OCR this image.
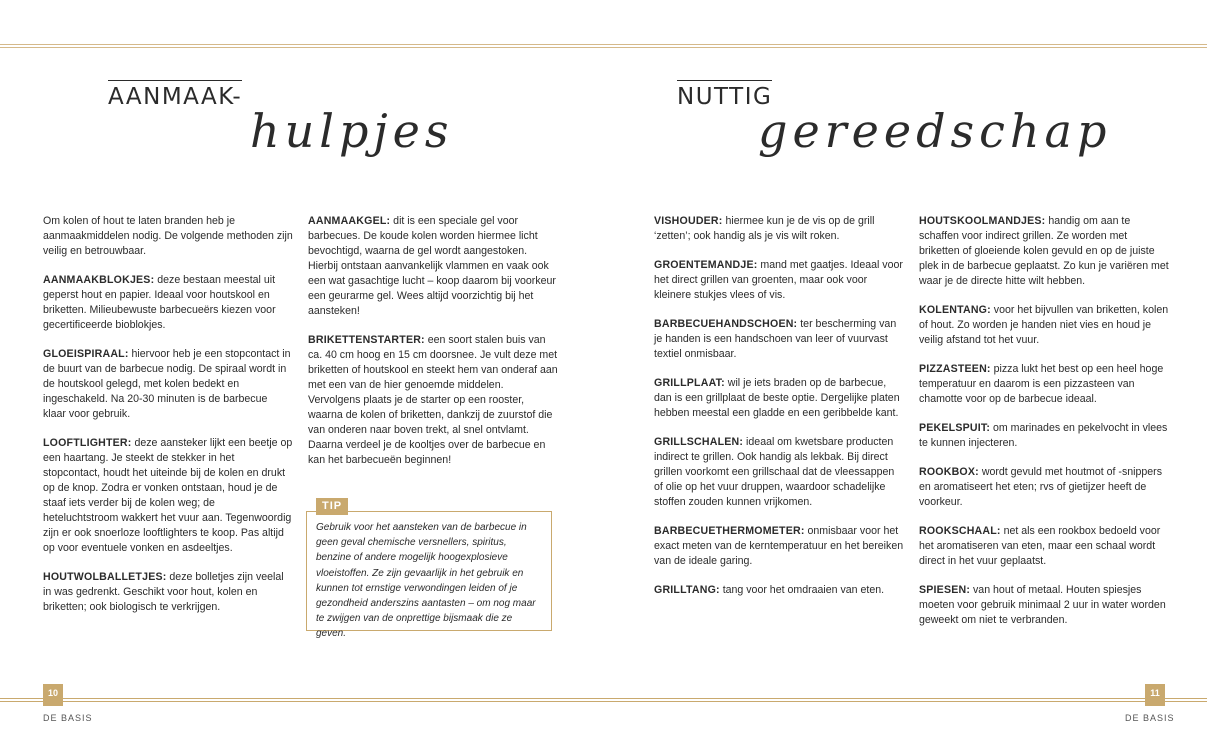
AANMAAK-
hulpjes

Om kolen of hout te laten branden heb je aanmaakmiddelen nodig. De volgende methoden zijn veilig en betrouwbaar.

AANMAAKBLOKJES: deze bestaan meestal uit geperst hout en papier. Ideaal voor houtskool en briketten. Milieubewuste barbecueërs kiezen voor gecertificeerde bioblokjes.

GLOEISPIRAAL: hiervoor heb je een stopcontact in de buurt van de barbecue nodig. De spiraal wordt in de houtskool gelegd, met kolen bedekt en ingeschakeld. Na 20-30 minuten is de barbecue klaar voor gebruik.

LOOFTLIGHTER: deze aansteker lijkt een beetje op een haartang. Je steekt de stekker in het stopcontact, houdt het uiteinde bij de kolen en drukt op de knop. Zodra er vonken ontstaan, houd je de staaf iets verder bij de kolen weg; de heteluchtstroom wakkert het vuur aan. Tegenwoordig zijn er ook snoerloze looftlighters te koop. Pas altijd op voor eventuele vonken en asdeeltjes.

HOUTWOLBALLETJES: deze bolletjes zijn veelal in was gedrenkt. Geschikt voor hout, kolen en briketten; ook biologisch te verkrijgen.

AANMAAKGEL: dit is een speciale gel voor barbecues. De koude kolen worden hiermee licht bevochtigd, waarna de gel wordt aangestoken. Hierbij ontstaan aanvankelijk vlammen en vaak ook een wat gasachtige lucht – koop daarom bij voorkeur een geurarme gel. Wees altijd voorzichtig bij het aansteken!

BRIKETTENSTARTER: een soort stalen buis van ca. 40 cm hoog en 15 cm doorsnee. Je vult deze met briketten of houtskool en steekt hem van onderaf aan met een van de hier genoemde middelen. Vervolgens plaats je de starter op een rooster, waarna de kolen of briketten, dankzij de zuurstof die van onderen naar boven trekt, al snel ontvlamt. Daarna verdeel je de kooltjes over de barbecue en kan het barbecueën beginnen!

Gebruik voor het aansteken van de barbecue in geen geval chemische versnellers, spiritus, benzine of andere mogelijk hoogexplosieve vloeistoffen. Ze zijn gevaarlijk in het gebruik en kunnen tot ernstige verwondingen leiden of je gezondheid anderszins aantasten – om nog maar te zwijgen van de onprettige bijsmaak die ze geven.
TIP
10
DE BASIS
NUTTIG
gereedschap

VISHOUDER: hiermee kun je de vis op de grill ‘zetten’; ook handig als je vis wilt roken.

GROENTEMANDJE: mand met gaatjes. Ideaal voor het direct grillen van groenten, maar ook voor kleinere stukjes vlees of vis.

BARBECUEHANDSCHOEN: ter bescherming van je handen is een handschoen van leer of vuurvast textiel onmisbaar.

GRILLPLAAT: wil je iets braden op de barbecue, dan is een grillplaat de beste optie. Dergelijke platen hebben meestal een gladde en een geribbelde kant.

GRILLSCHALEN: ideaal om kwetsbare producten indirect te grillen. Ook handig als lekbak. Bij direct grillen voorkomt een grillschaal dat de vleessappen of olie op het vuur druppen, waardoor schadelijke stoffen zouden kunnen vrijkomen.

BARBECUETHERMOMETER: onmisbaar voor het exact meten van de kerntemperatuur en het bereiken van de ideale garing.

GRILLTANG: tang voor het omdraaien van eten.

HOUTSKOOLMANDJES: handig om aan te schaffen voor indirect grillen. Ze worden met briketten of gloeiende kolen gevuld en op de juiste plek in de barbecue geplaatst. Zo kun je variëren met waar je de directe hitte wilt hebben.

KOLENTANG: voor het bijvullen van briketten, kolen of hout. Zo worden je handen niet vies en houd je veilig afstand tot het vuur.

PIZZASTEEN: pizza lukt het best op een heel hoge temperatuur en daarom is een pizzasteen van chamotte voor op de barbecue ideaal.

PEKELSPUIT: om marinades en pekelvocht in vlees te kunnen injecteren.

ROOKBOX: wordt gevuld met houtmot of -snippers en aromatiseert het eten; rvs of gietijzer heeft de voorkeur.

ROOKSCHAAL: net als een rookbox bedoeld voor het aromatiseren van eten, maar een schaal wordt direct in het vuur geplaatst.

SPIESEN: van hout of metaal. Houten spiesjes moeten voor gebruik minimaal 2 uur in water worden geweekt om niet te verbranden.

11
DE BASIS
